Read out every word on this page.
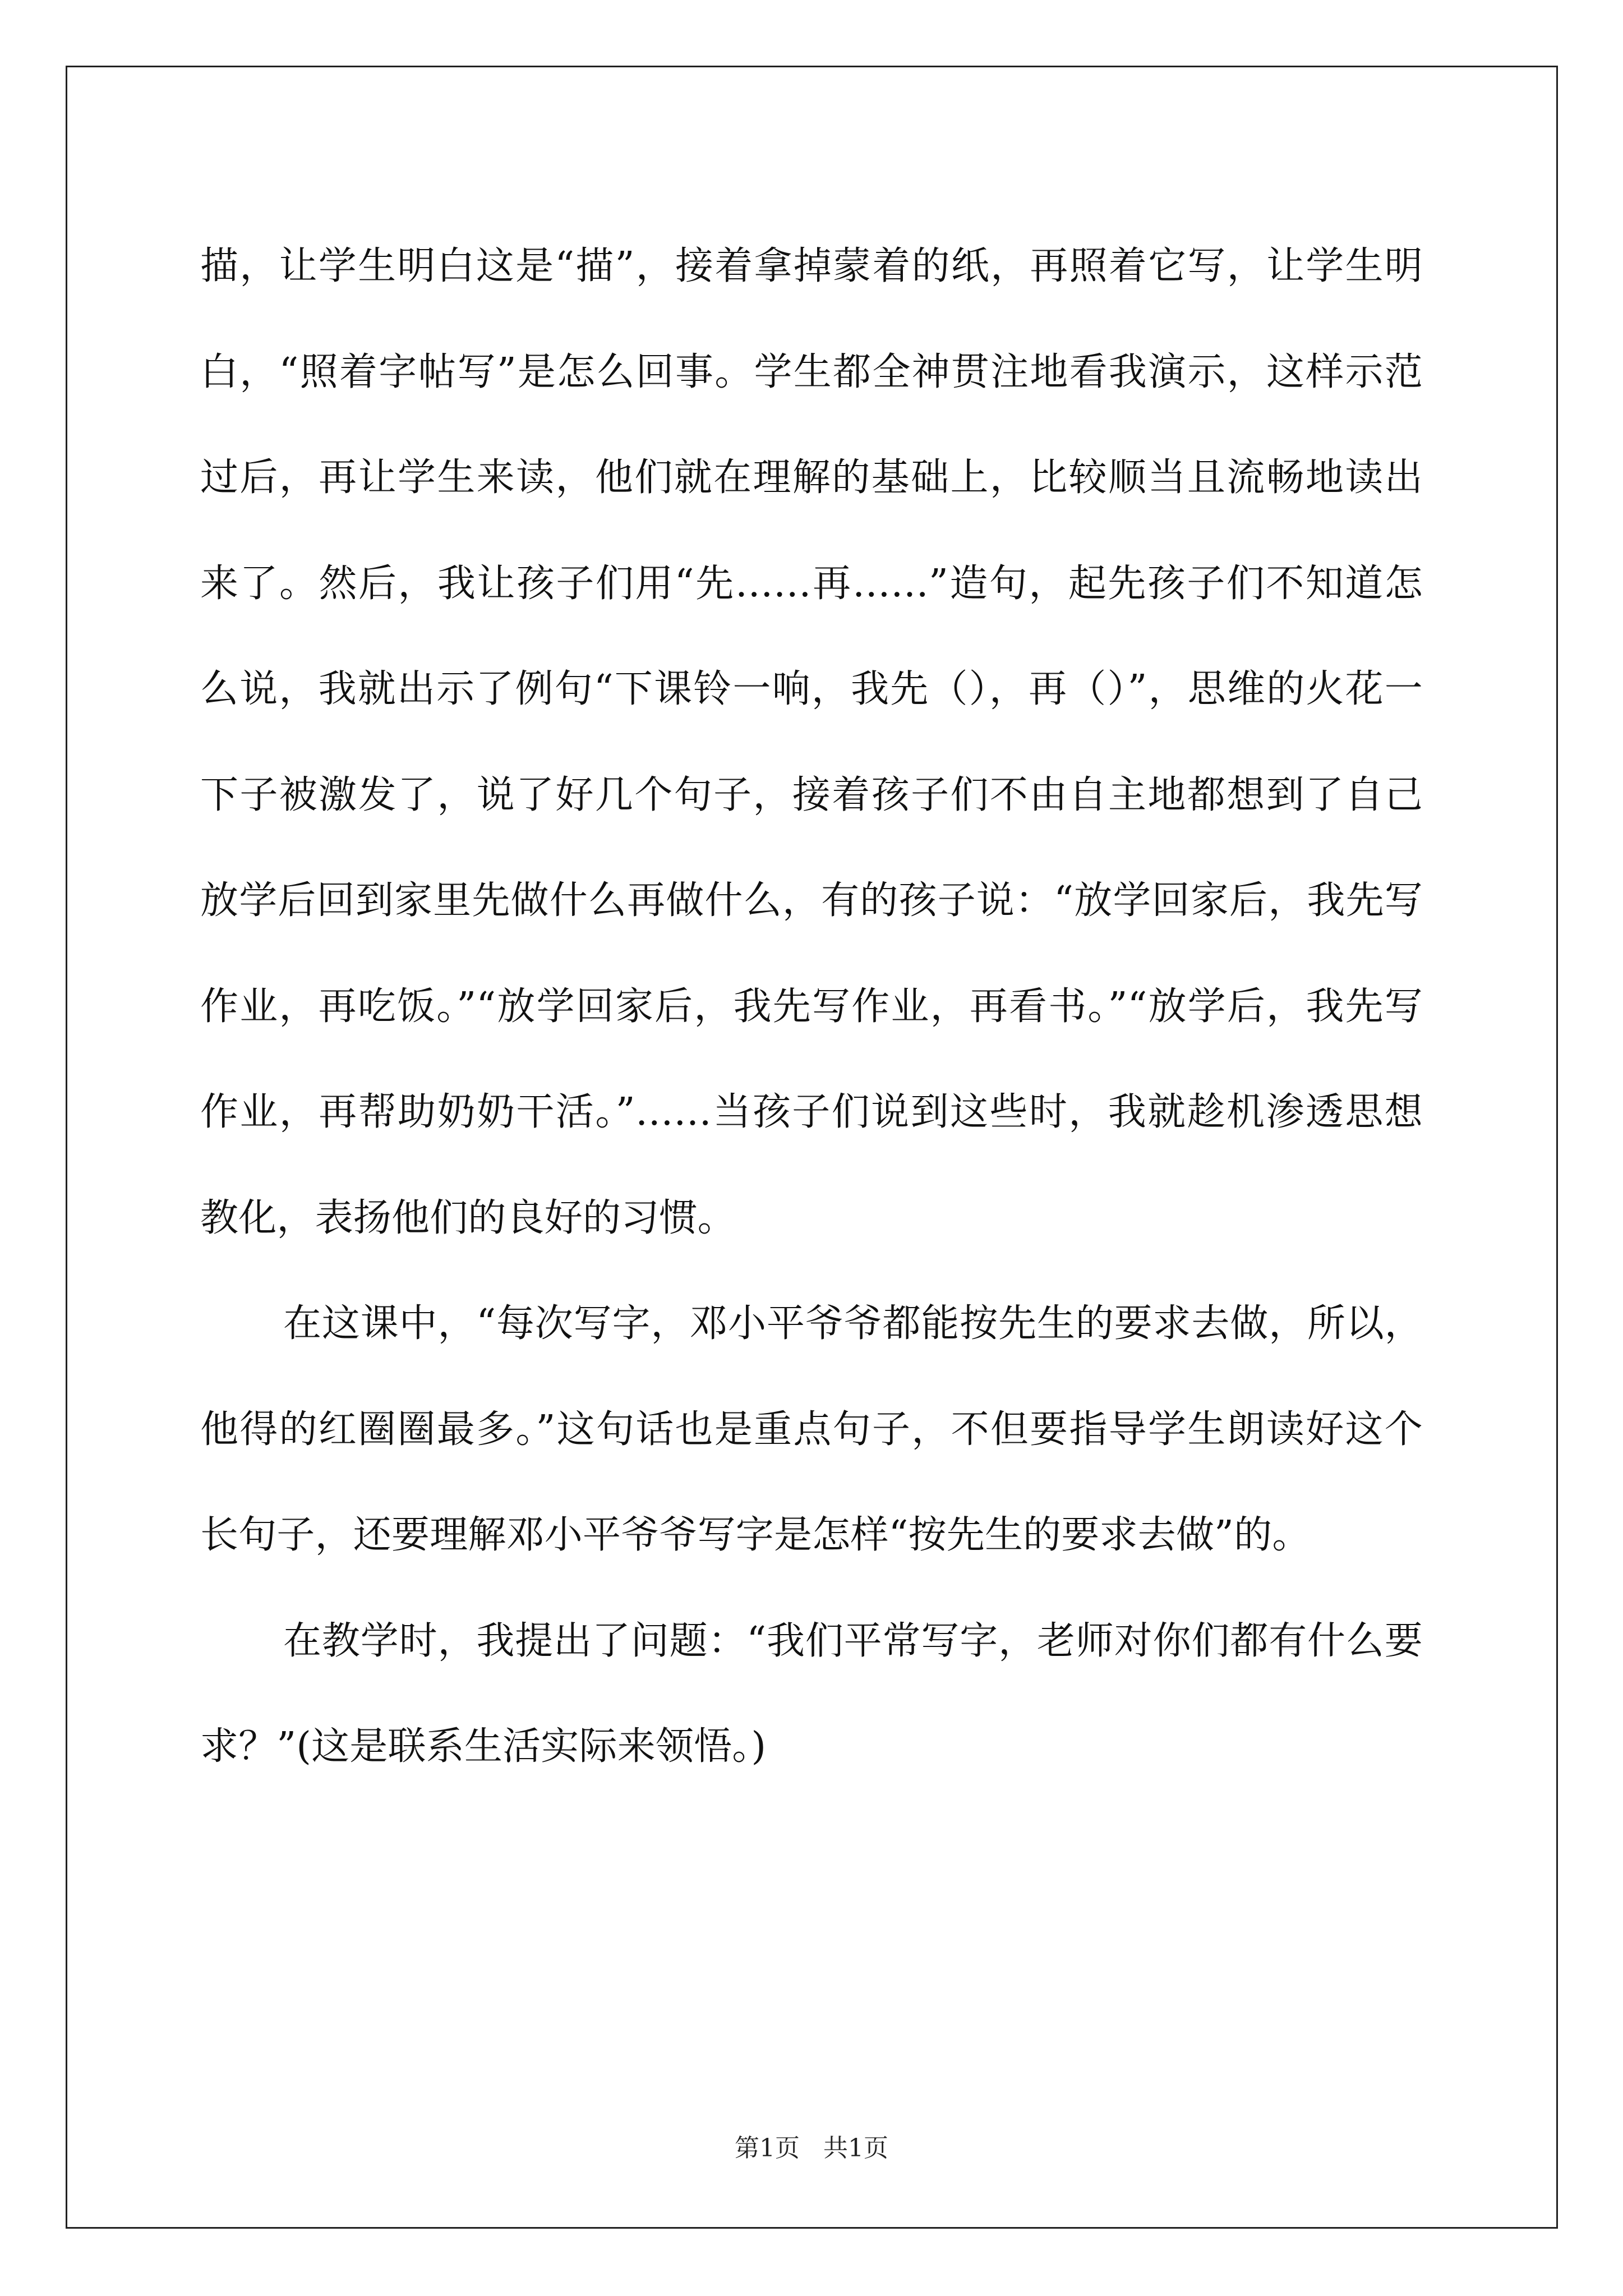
描，让学生明白这是“描”，接着拿掉蒙着的纸，再照着它写，让学生明白，“照着字帖写”是怎么回事。学生都全神贯注地看我演示，这样示范过后，再让学生来读，他们就在理解的基础上，比较顺当且流畅地读出来了。然后，我让孩子们用“先……再……”造句，起先孩子们不知道怎么说，我就出示了例句“下课铃一响，我先（），再（）”，思维的火花一下子被激发了，说了好几个句子，接着孩子们不由自主地都想到了自己放学后回到家里先做什么再做什么，有的孩子说：“放学回家后，我先写作业，再吃饭。”“放学回家后，我先写作业，再看书。”“放学后，我先写作业，再帮助奶奶干活。”……当孩子们说到这些时，我就趁机渗透思想教化，表扬他们的良好的习惯。

在这课中，“每次写字，邓小平爷爷都能按先生的要求去做，所以，他得的红圈圈最多。”这句话也是重点句子，不但要指导学生朗读好这个长句子，还要理解邓小平爷爷写字是怎样“按先生的要求去做”的。

在教学时，我提出了问题：“我们平常写字，老师对你们都有什么要求？”(这是联系生活实际来领悟。)

第1页 共1页
